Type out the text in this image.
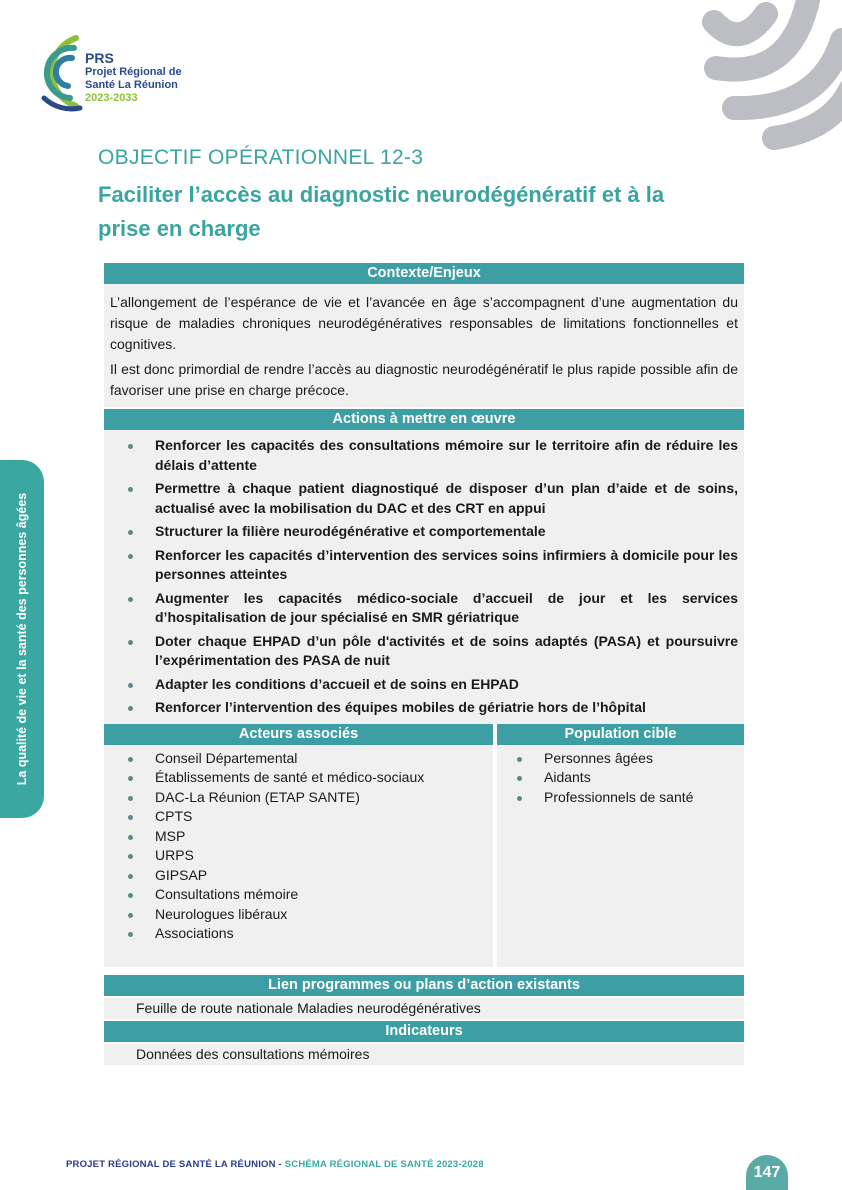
PRS
Projet Régional de
Santé La Réunion
2023-2033
OBJECTIF OPÉRATIONNEL 12-3
Faciliter l’accès au diagnostic neurodégénératif et à la prise en charge
La qualité de vie et la santé des personnes âgées
Contexte/Enjeux

L’allongement de l’espérance de vie et l’avancée en âge s’accompagnent d’une augmentation du risque de maladies chroniques neurodégénératives responsables de limitations fonctionnelles et cognitives.

Il est donc primordial de rendre l’accès au diagnostic neurodégénératif le plus rapide possible afin de favoriser une prise en charge précoce.

Actions à mettre en œuvre
Renforcer les capacités des consultations mémoire sur le territoire afin de réduire les délais d’attente
Permettre à chaque patient diagnostiqué de disposer d’un plan d’aide et de soins, actualisé avec la mobilisation du DAC et des CRT en appui
Structurer la filière neurodégénérative et comportementale
Renforcer les capacités d’intervention des services soins infirmiers à domicile pour les personnes atteintes
Augmenter les capacités médico-sociale d’accueil de jour et les services d’hospitalisation de jour spécialisé en SMR gériatrique
Doter chaque EHPAD d’un pôle d'activités et de soins adaptés (PASA) et poursuivre l’expérimentation des PASA de nuit
Adapter les conditions d’accueil et de soins en EHPAD
Renforcer l’intervention des équipes mobiles de gériatrie hors de l’hôpital
Acteurs associés
Conseil Départemental
Établissements de santé et médico-sociaux
DAC-La Réunion (ETAP SANTE)
CPTS
MSP
URPS
GIPSAP
Consultations mémoire
Neurologues libéraux
Associations
Population cible
Personnes âgées
Aidants
Professionnels de santé
Lien programmes ou plans d’action existants
Feuille de route nationale Maladies neurodégénératives
Indicateurs
Données des consultations mémoires
PROJET RÉGIONAL DE SANTÉ LA RÉUNION - SCHÉMA RÉGIONAL DE SANTÉ 2023-2028	147
